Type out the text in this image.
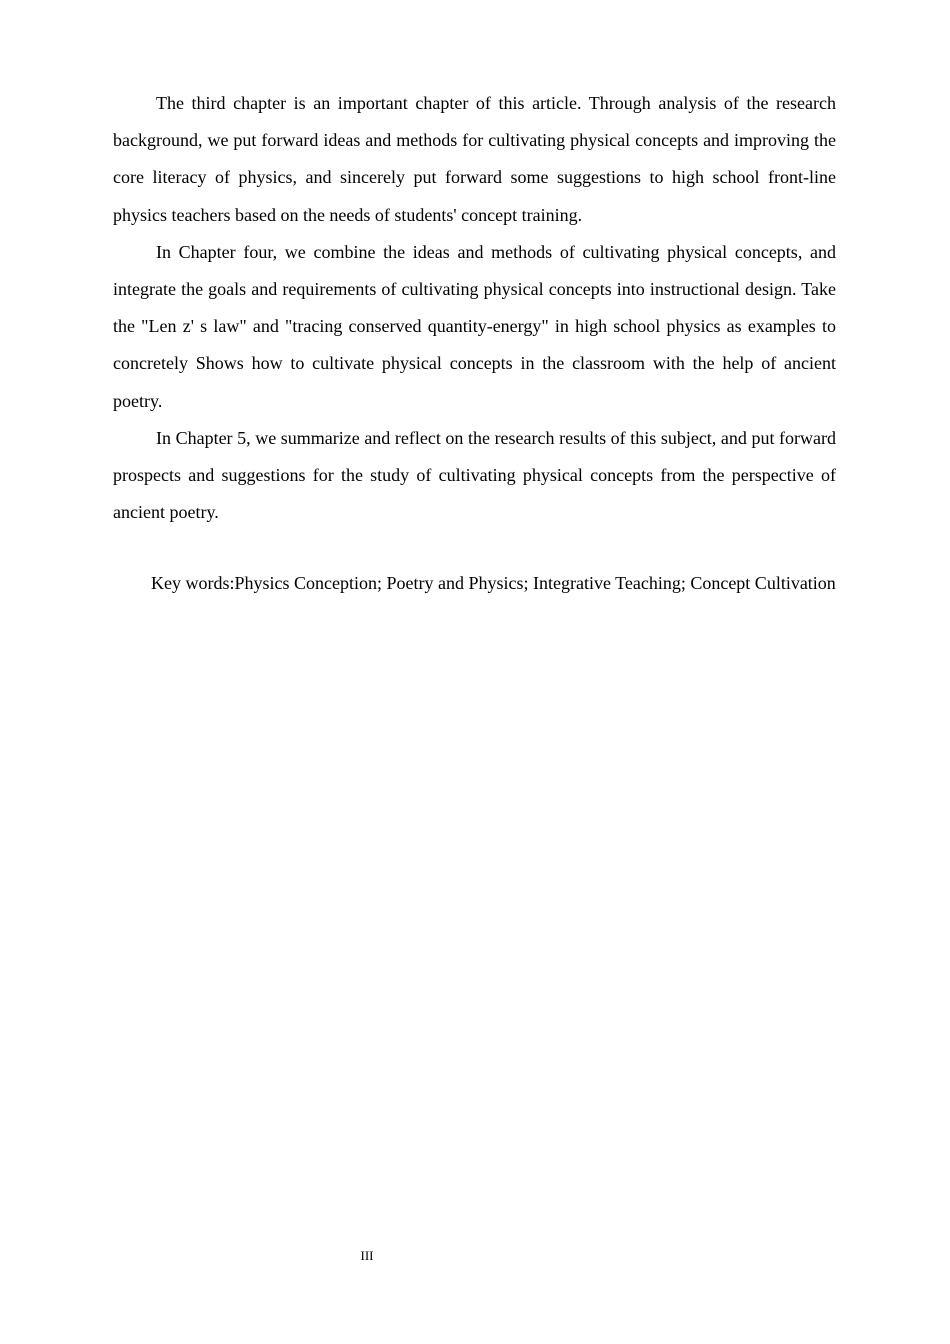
The third chapter is an important chapter of this article. Through analysis of the research background, we put forward ideas and methods for cultivating physical concepts and improving the core literacy of physics, and sincerely put forward some suggestions to high school front-line physics teachers based on the needs of students' concept training.

In Chapter four, we combine the ideas and methods of cultivating physical concepts, and integrate the goals and requirements of cultivating physical concepts into instructional design. Take the "Len z' s law" and "tracing conserved quantity-energy" in high school physics as examples to concretely Shows how to cultivate physical concepts in the classroom with the help of ancient poetry.

In Chapter 5, we summarize and reflect on the research results of this subject, and put forward prospects and suggestions for the study of cultivating physical concepts from the perspective of ancient poetry.

Key words:Physics Conception; Poetry and Physics; Integrative Teaching; Concept Cultivation

III
